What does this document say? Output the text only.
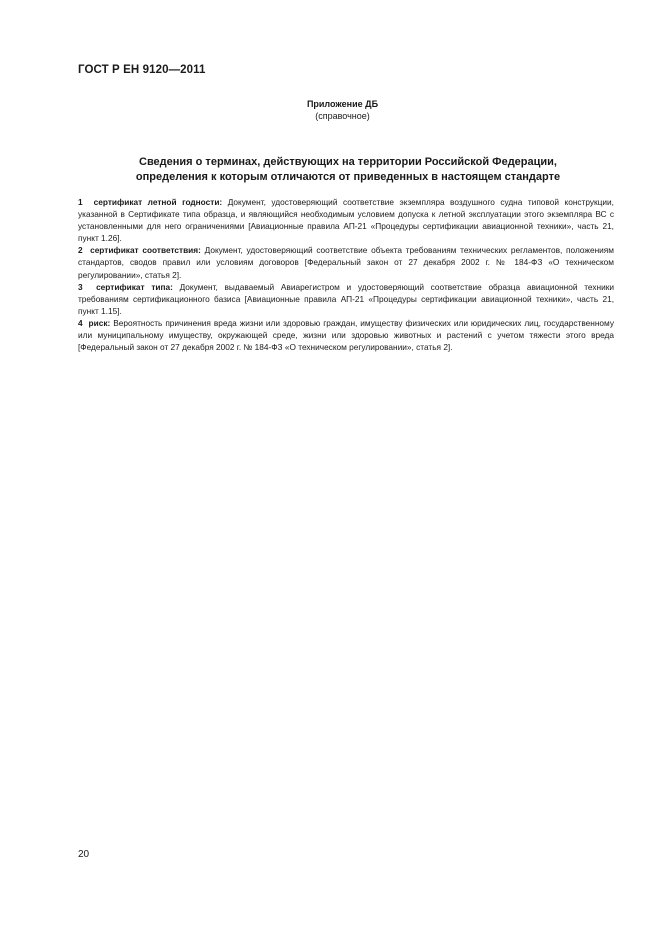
ГОСТ Р ЕН 9120—2011
Приложение ДБ
(справочное)
Сведения о терминах, действующих на территории Российской Федерации,
определения к которым отличаются от приведенных в настоящем стандарте

1 сертификат летной годности: Документ, удостоверяющий соответствие экземпляра воздушного судна типовой конструкции, указанной в Сертификате типа образца, и являющийся необходимым условием допуска к летной эксплуатации этого экземпляра ВС с установленными для него ограничениями [Авиационные правила АП-21 «Процедуры сертификации авиационной техники», часть 21, пункт 1.26].

2 сертификат соответствия: Документ, удостоверяющий соответствие объекта требованиям технических регламентов, положениям стандартов, сводов правил или условиям договоров [Федеральный закон от 27 декабря 2002 г. № 184-ФЗ «О техническом регулировании», статья 2].

3 сертификат типа: Документ, выдаваемый Авиарегистром и удостоверяющий соответствие образца авиационной техники требованиям сертификационного базиса [Авиационные правила АП-21 «Процедуры сертификации авиационной техники», часть 21, пункт 1.15].

4 риск: Вероятность причинения вреда жизни или здоровью граждан, имуществу физических или юридических лиц, государственному или муниципальному имуществу, окружающей среде, жизни или здоровью животных и растений с учетом тяжести этого вреда [Федеральный закон от 27 декабря 2002 г. № 184-ФЗ «О техническом регулировании», статья 2].

20
